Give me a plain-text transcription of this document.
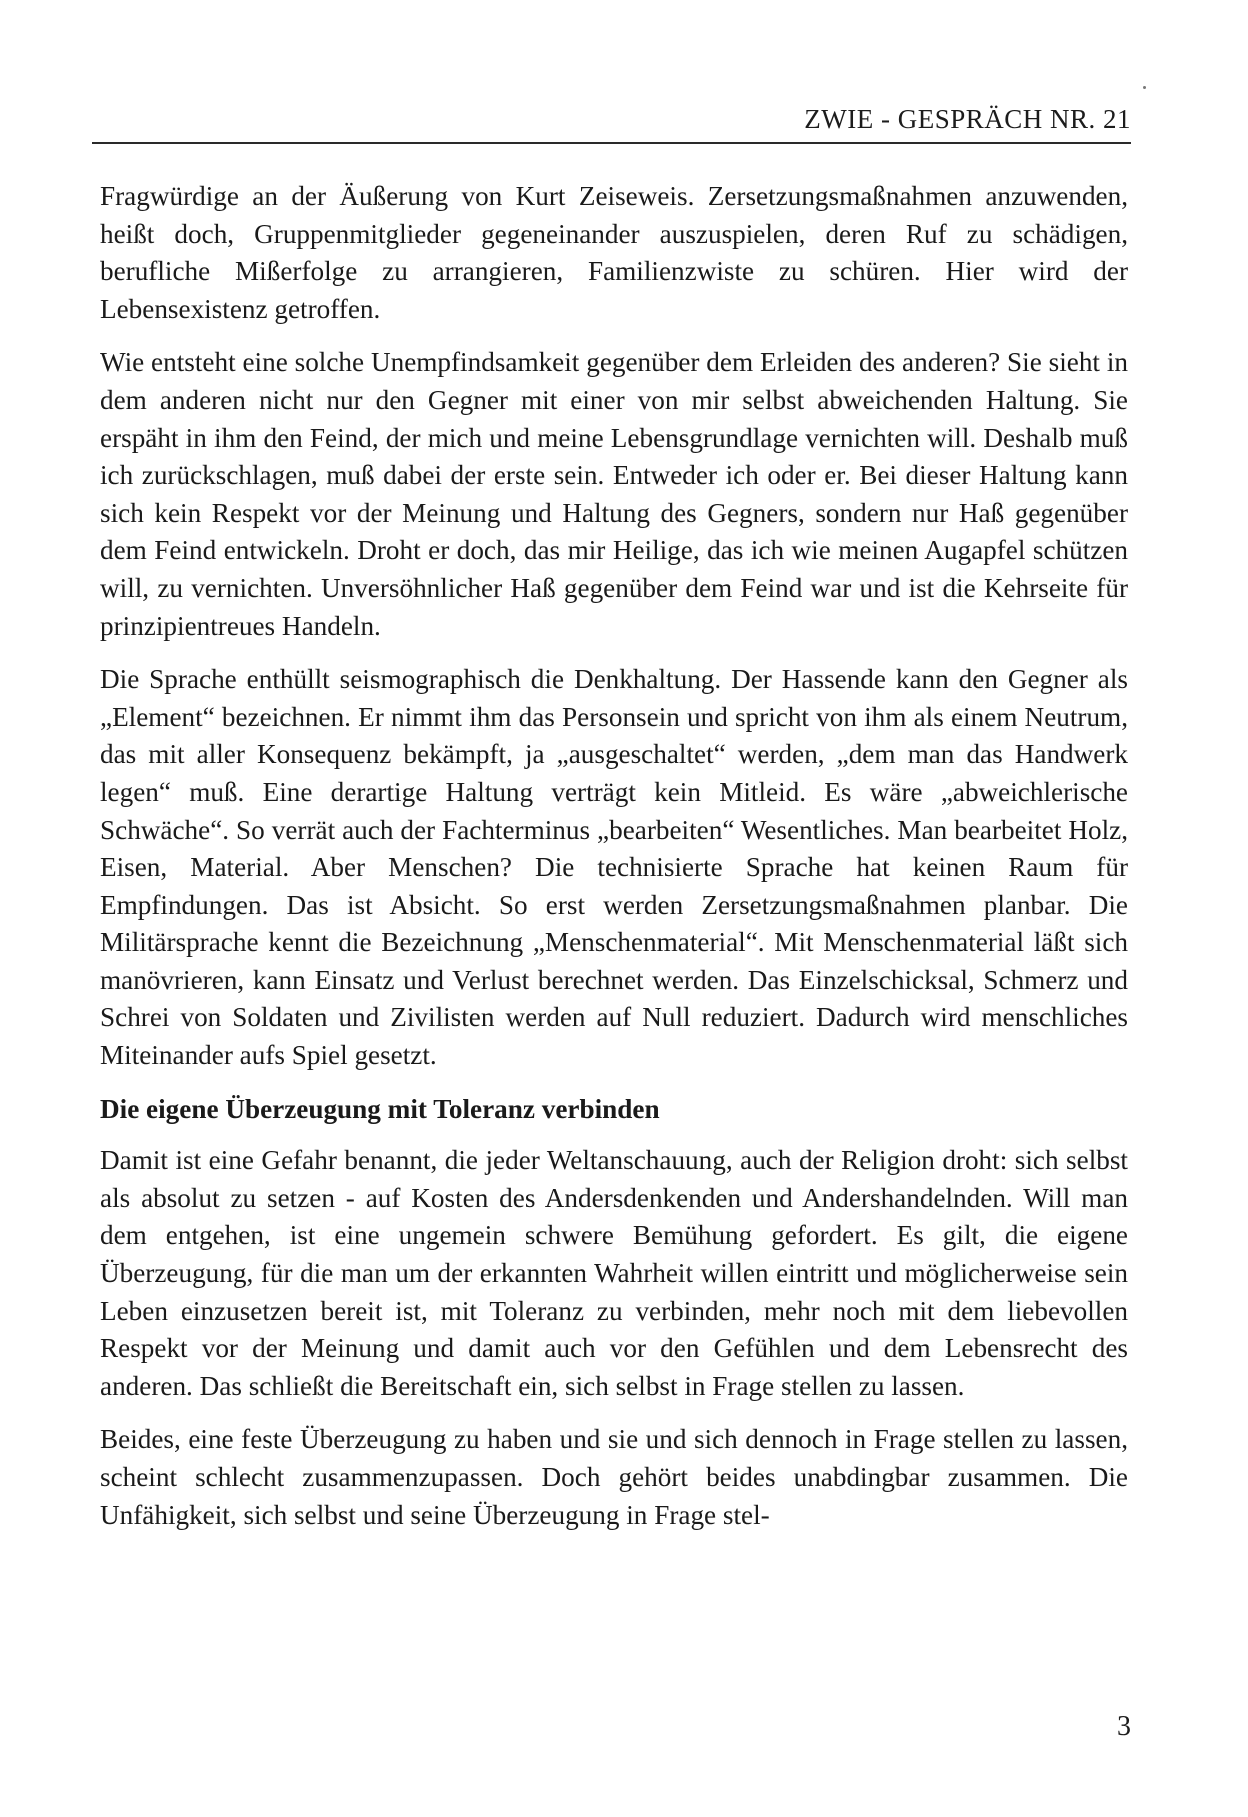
ZWIE - GESPRÄCH NR. 21

Fragwürdige an der Äußerung von Kurt Zeiseweis. Zersetzungsmaßnahmen anzuwenden, heißt doch, Gruppenmitglieder gegeneinander auszuspielen, deren Ruf zu schädigen, berufliche Mißerfolge zu arrangieren, Familienzwiste zu schüren. Hier wird der Lebensexistenz getroffen.

Wie entsteht eine solche Unempfindsamkeit gegenüber dem Erleiden des anderen? Sie sieht in dem anderen nicht nur den Gegner mit einer von mir selbst abweichenden Haltung. Sie erspäht in ihm den Feind, der mich und meine Lebensgrundlage vernichten will. Deshalb muß ich zurückschlagen, muß dabei der erste sein. Entweder ich oder er. Bei dieser Haltung kann sich kein Respekt vor der Meinung und Haltung des Gegners, sondern nur Haß gegenüber dem Feind entwickeln. Droht er doch, das mir Heilige, das ich wie meinen Augapfel schützen will, zu vernichten. Unversöhnlicher Haß gegenüber dem Feind war und ist die Kehrseite für prinzipientreues Handeln.

Die Sprache enthüllt seismographisch die Denkhaltung. Der Hassende kann den Gegner als „Element“ bezeichnen. Er nimmt ihm das Personsein und spricht von ihm als einem Neutrum, das mit aller Konsequenz bekämpft, ja „ausgeschaltet“ werden, „dem man das Handwerk legen“ muß. Eine derartige Haltung verträgt kein Mitleid. Es wäre „abweichlerische Schwäche“. So verrät auch der Fachterminus „bearbeiten“ Wesentliches. Man bearbeitet Holz, Eisen, Material. Aber Menschen? Die technisierte Sprache hat keinen Raum für Empfindungen. Das ist Absicht. So erst werden Zersetzungsmaßnahmen planbar. Die Militärsprache kennt die Bezeichnung „Menschenmaterial“. Mit Menschenmaterial läßt sich manövrieren, kann Einsatz und Verlust berechnet werden. Das Einzelschicksal, Schmerz und Schrei von Soldaten und Zivilisten werden auf Null reduziert. Dadurch wird menschliches Miteinander aufs Spiel gesetzt.

Die eigene Überzeugung mit Toleranz verbinden

Damit ist eine Gefahr benannt, die jeder Weltanschauung, auch der Religion droht: sich selbst als absolut zu setzen - auf Kosten des Andersdenkenden und Andershandelnden. Will man dem entgehen, ist eine ungemein schwere Bemühung gefordert. Es gilt, die eigene Überzeugung, für die man um der erkannten Wahrheit willen eintritt und möglicherweise sein Leben einzusetzen bereit ist, mit Toleranz zu verbinden, mehr noch mit dem liebevollen Respekt vor der Meinung und damit auch vor den Gefühlen und dem Lebensrecht des anderen. Das schließt die Bereitschaft ein, sich selbst in Frage stellen zu lassen.

Beides, eine feste Überzeugung zu haben und sie und sich dennoch in Frage stellen zu lassen, scheint schlecht zusammenzupassen. Doch gehört beides unabdingbar zusammen. Die Unfähigkeit, sich selbst und seine Überzeugung in Frage stel-

3
